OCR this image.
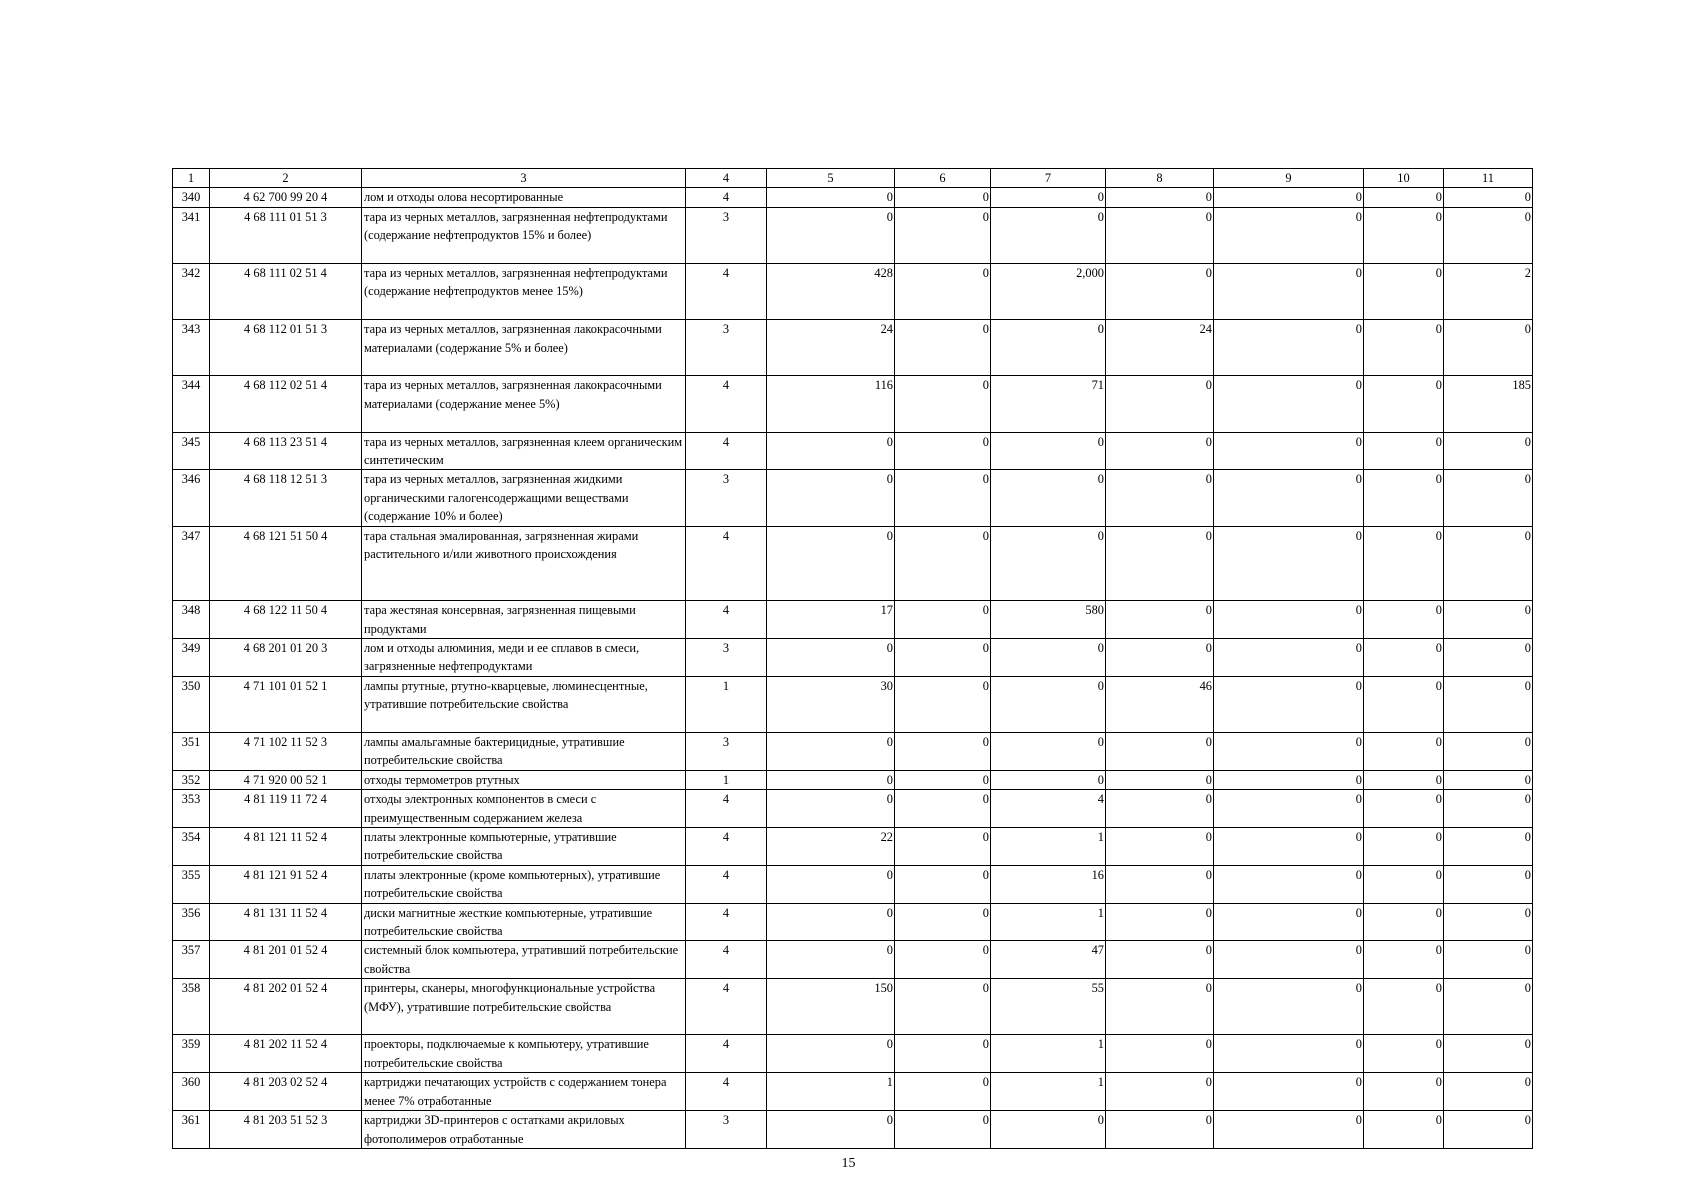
1	2	3	4	5	6	7	8	9	10	11
340	4 62 700 99 20 4	лом и отходы олова несортированные	4	0	0	0	0	0	0	0
341	4 68 111 01 51 3	тара из черных металлов, загрязненная нефтепродуктами (содержание нефтепродуктов 15% и более)	3	0	0	0	0	0	0	0
342	4 68 111 02 51 4	тара из черных металлов, загрязненная нефтепродуктами (содержание нефтепродуктов менее 15%)	4	428	0	2,000	0	0	0	2
343	4 68 112 01 51 3	тара из черных металлов, загрязненная лакокрасочными материалами (содержание 5% и более)	3	24	0	0	24	0	0	0
344	4 68 112 02 51 4	тара из черных металлов, загрязненная лакокрасочными материалами (содержание менее 5%)	4	116	0	71	0	0	0	185
345	4 68 113 23 51 4	тара из черных металлов, загрязненная клеем органическим синтетическим	4	0	0	0	0	0	0	0
346	4 68 118 12 51 3	тара из черных металлов, загрязненная жидкими органическими галогенсодержащими веществами (содержание 10% и более)	3	0	0	0	0	0	0	0
347	4 68 121 51 50 4	тара стальная эмалированная, загрязненная жирами растительного и/или животного происхождения	4	0	0	0	0	0	0	0
348	4 68 122 11 50 4	тара жестяная консервная, загрязненная пищевыми продуктами	4	17	0	580	0	0	0	0
349	4 68 201 01 20 3	лом и отходы алюминия, меди и ее сплавов в смеси, загрязненные нефтепродуктами	3	0	0	0	0	0	0	0
350	4 71 101 01 52 1	лампы ртутные, ртутно-кварцевые, люминесцентные, утратившие потребительские свойства	1	30	0	0	46	0	0	0
351	4 71 102 11 52 3	лампы амальгамные бактерицидные, утратившие потребительские свойства	3	0	0	0	0	0	0	0
352	4 71 920 00 52 1	отходы термометров ртутных	1	0	0	0	0	0	0	0
353	4 81 119 11 72 4	отходы электронных компонентов в смеси с преимущественным содержанием железа	4	0	0	4	0	0	0	0
354	4 81 121 11 52 4	платы электронные компьютерные, утратившие потребительские свойства	4	22	0	1	0	0	0	0
355	4 81 121 91 52 4	платы электронные (кроме компьютерных), утратившие потребительские свойства	4	0	0	16	0	0	0	0
356	4 81 131 11 52 4	диски магнитные жесткие компьютерные, утратившие потребительские свойства	4	0	0	1	0	0	0	0
357	4 81 201 01 52 4	системный блок компьютера, утративший потребительские свойства	4	0	0	47	0	0	0	0
358	4 81 202 01 52 4	принтеры, сканеры, многофункциональные устройства (МФУ), утратившие потребительские свойства	4	150	0	55	0	0	0	0
359	4 81 202 11 52 4	проекторы, подключаемые к компьютеру, утратившие потребительские свойства	4	0	0	1	0	0	0	0
360	4 81 203 02 52 4	картриджи печатающих устройств с содержанием тонера менее 7% отработанные	4	1	0	1	0	0	0	0
361	4 81 203 51 52 3	картриджи 3D-принтеров с остатками акриловых фотополимеров отработанные	3	0	0	0	0	0	0	0
15
